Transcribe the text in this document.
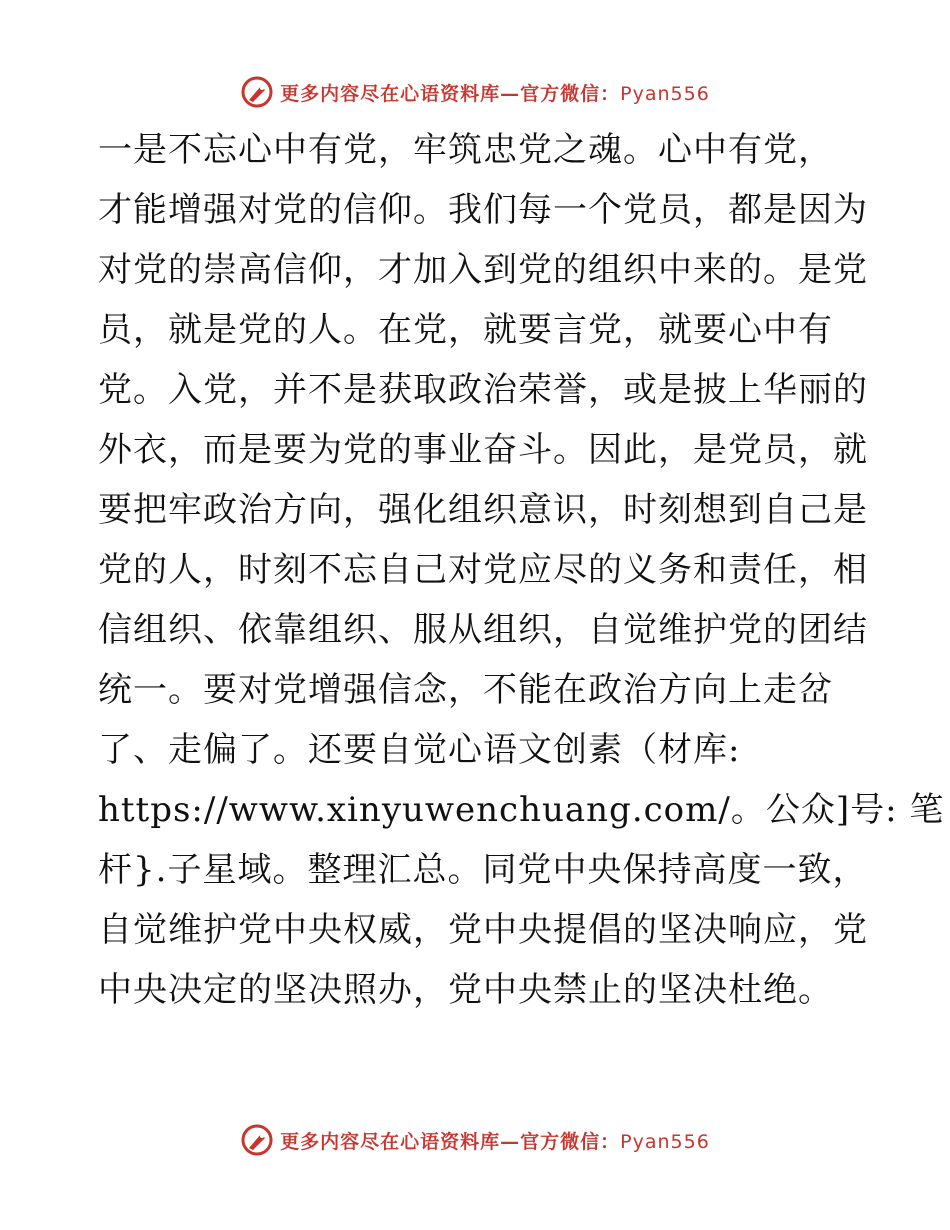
更多内容尽在心语资料库—官方微信：Pyan556
一是不忘心中有党，牢筑忠党之魂。心中有党，
才能增强对党的信仰。我们每一个党员，都是因为
对党的崇高信仰，才加入到党的组织中来的。是党
员，就是党的人。在党，就要言党，就要心中有
党。入党，并不是获取政治荣誉，或是披上华丽的
外衣，而是要为党的事业奋斗。因此，是党员，就
要把牢政治方向，强化组织意识，时刻想到自己是
党的人，时刻不忘自己对党应尽的义务和责任，相
信组织、依靠组织、服从组织，自觉维护党的团结
统一。要对党增强信念，不能在政治方向上走岔
了、走偏了。还要自觉心语文创素（材库:
https://www.xinyuwenchuang.com/。公众]号: 笔
杆}.子星域。整理汇总。同党中央保持高度一致，
自觉维护党中央权威，党中央提倡的坚决响应，党
中央决定的坚决照办，党中央禁止的坚决杜绝。
更多内容尽在心语资料库—官方微信：Pyan556
